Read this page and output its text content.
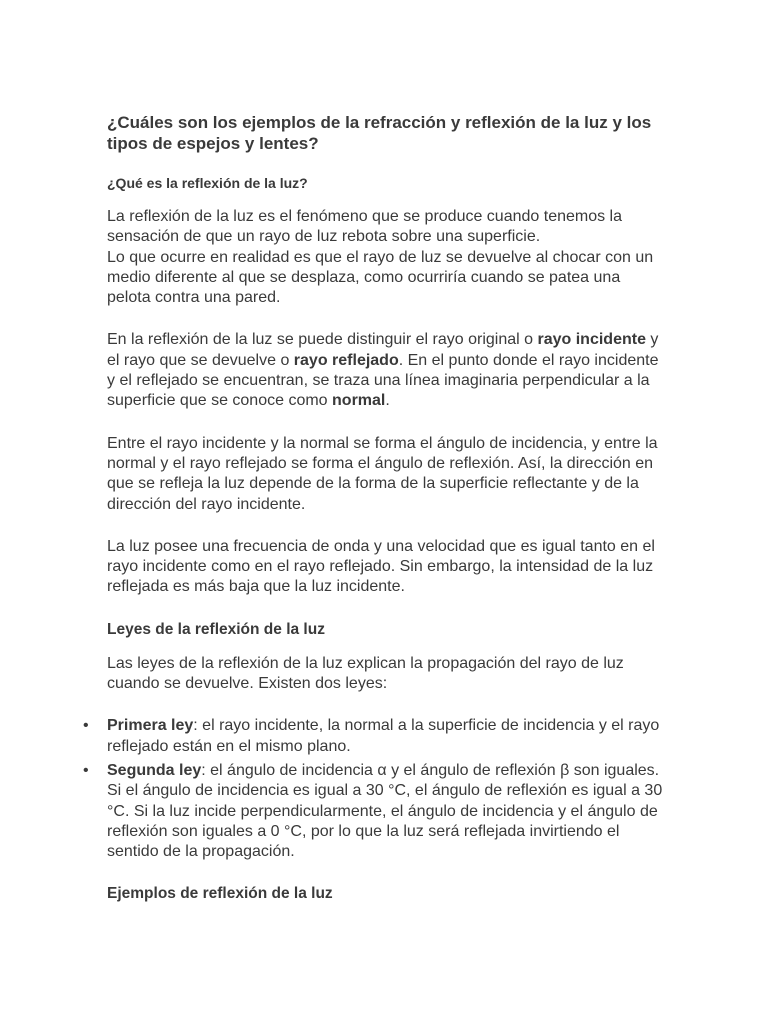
¿Cuáles son los ejemplos de la refracción y reflexión de la luz y los tipos de espejos y lentes?
¿Qué es la reflexión de la luz?

La reflexión de la luz es el fenómeno que se produce cuando tenemos la sensación de que un rayo de luz rebota sobre una superficie.

Lo que ocurre en realidad es que el rayo de luz se devuelve al chocar con un medio diferente al que se desplaza, como ocurriría cuando se patea una pelota contra una pared.

En la reflexión de la luz se puede distinguir el rayo original o rayo incidente y el rayo que se devuelve o rayo reflejado. En el punto donde el rayo incidente y el reflejado se encuentran, se traza una línea imaginaria perpendicular a la superficie que se conoce como normal.

Entre el rayo incidente y la normal se forma el ángulo de incidencia, y entre la normal y el rayo reflejado se forma el ángulo de reflexión. Así, la dirección en que se refleja la luz depende de la forma de la superficie reflectante y de la dirección del rayo incidente.

La luz posee una frecuencia de onda y una velocidad que es igual tanto en el rayo incidente como en el rayo reflejado. Sin embargo, la intensidad de la luz reflejada es más baja que la luz incidente.

Leyes de la reflexión de la luz

Las leyes de la reflexión de la luz explican la propagación del rayo de luz cuando se devuelve. Existen dos leyes:

• Primera ley: el rayo incidente, la normal a la superficie de incidencia y el rayo reflejado están en el mismo plano.
• Segunda ley: el ángulo de incidencia α y el ángulo de reflexión β son iguales. Si el ángulo de incidencia es igual a 30 °C, el ángulo de reflexión es igual a 30 °C. Si la luz incide perpendicularmente, el ángulo de incidencia y el ángulo de reflexión son iguales a 0 °C, por lo que la luz será reflejada invirtiendo el sentido de la propagación.
Ejemplos de reflexión de la luz
